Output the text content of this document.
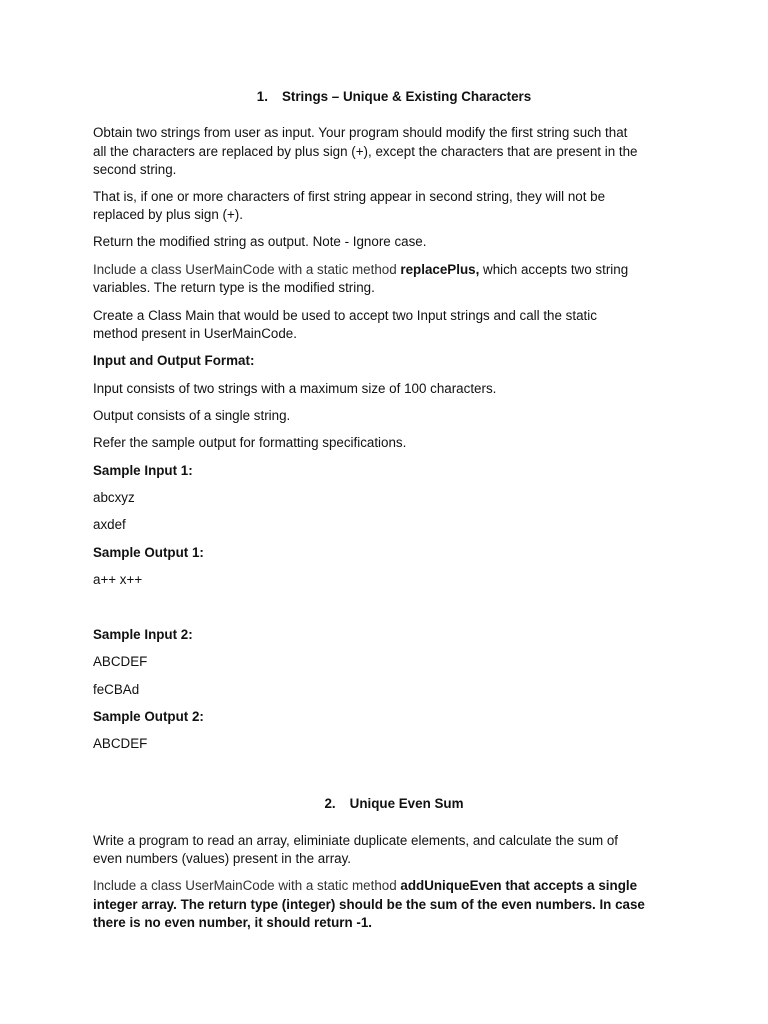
1. Strings – Unique & Existing Characters
Obtain two strings from user as input. Your program should modify the first string such that
all the characters are replaced by plus sign (+), except the characters that are present in the
second string.
That is, if one or more characters of first string appear in second string, they will not be
replaced by plus sign (+).
Return the modified string as output. Note - Ignore case.
Include a class UserMainCode with a static method replacePlus, which accepts two string
variables. The return type is the modified string.
Create a Class Main that would be used to accept two Input strings and call the static
method present in UserMainCode.
Input and Output Format:
Input consists of two strings with a maximum size of 100 characters.
Output consists of a single string.
Refer the sample output for formatting specifications.
Sample Input 1:
abcxyz
axdef
Sample Output 1:
a++ x++
Sample Input 2:
ABCDEF
feCBAd
Sample Output 2:
ABCDEF
2. Unique Even Sum
Write a program to read an array, eliminiate duplicate elements, and calculate the sum of
even numbers (values) present in the array.
Include a class UserMainCode with a static method addUniqueEven that accepts a single
integer array. The return type (integer) should be the sum of the even numbers. In case
there is no even number, it should return -1.
